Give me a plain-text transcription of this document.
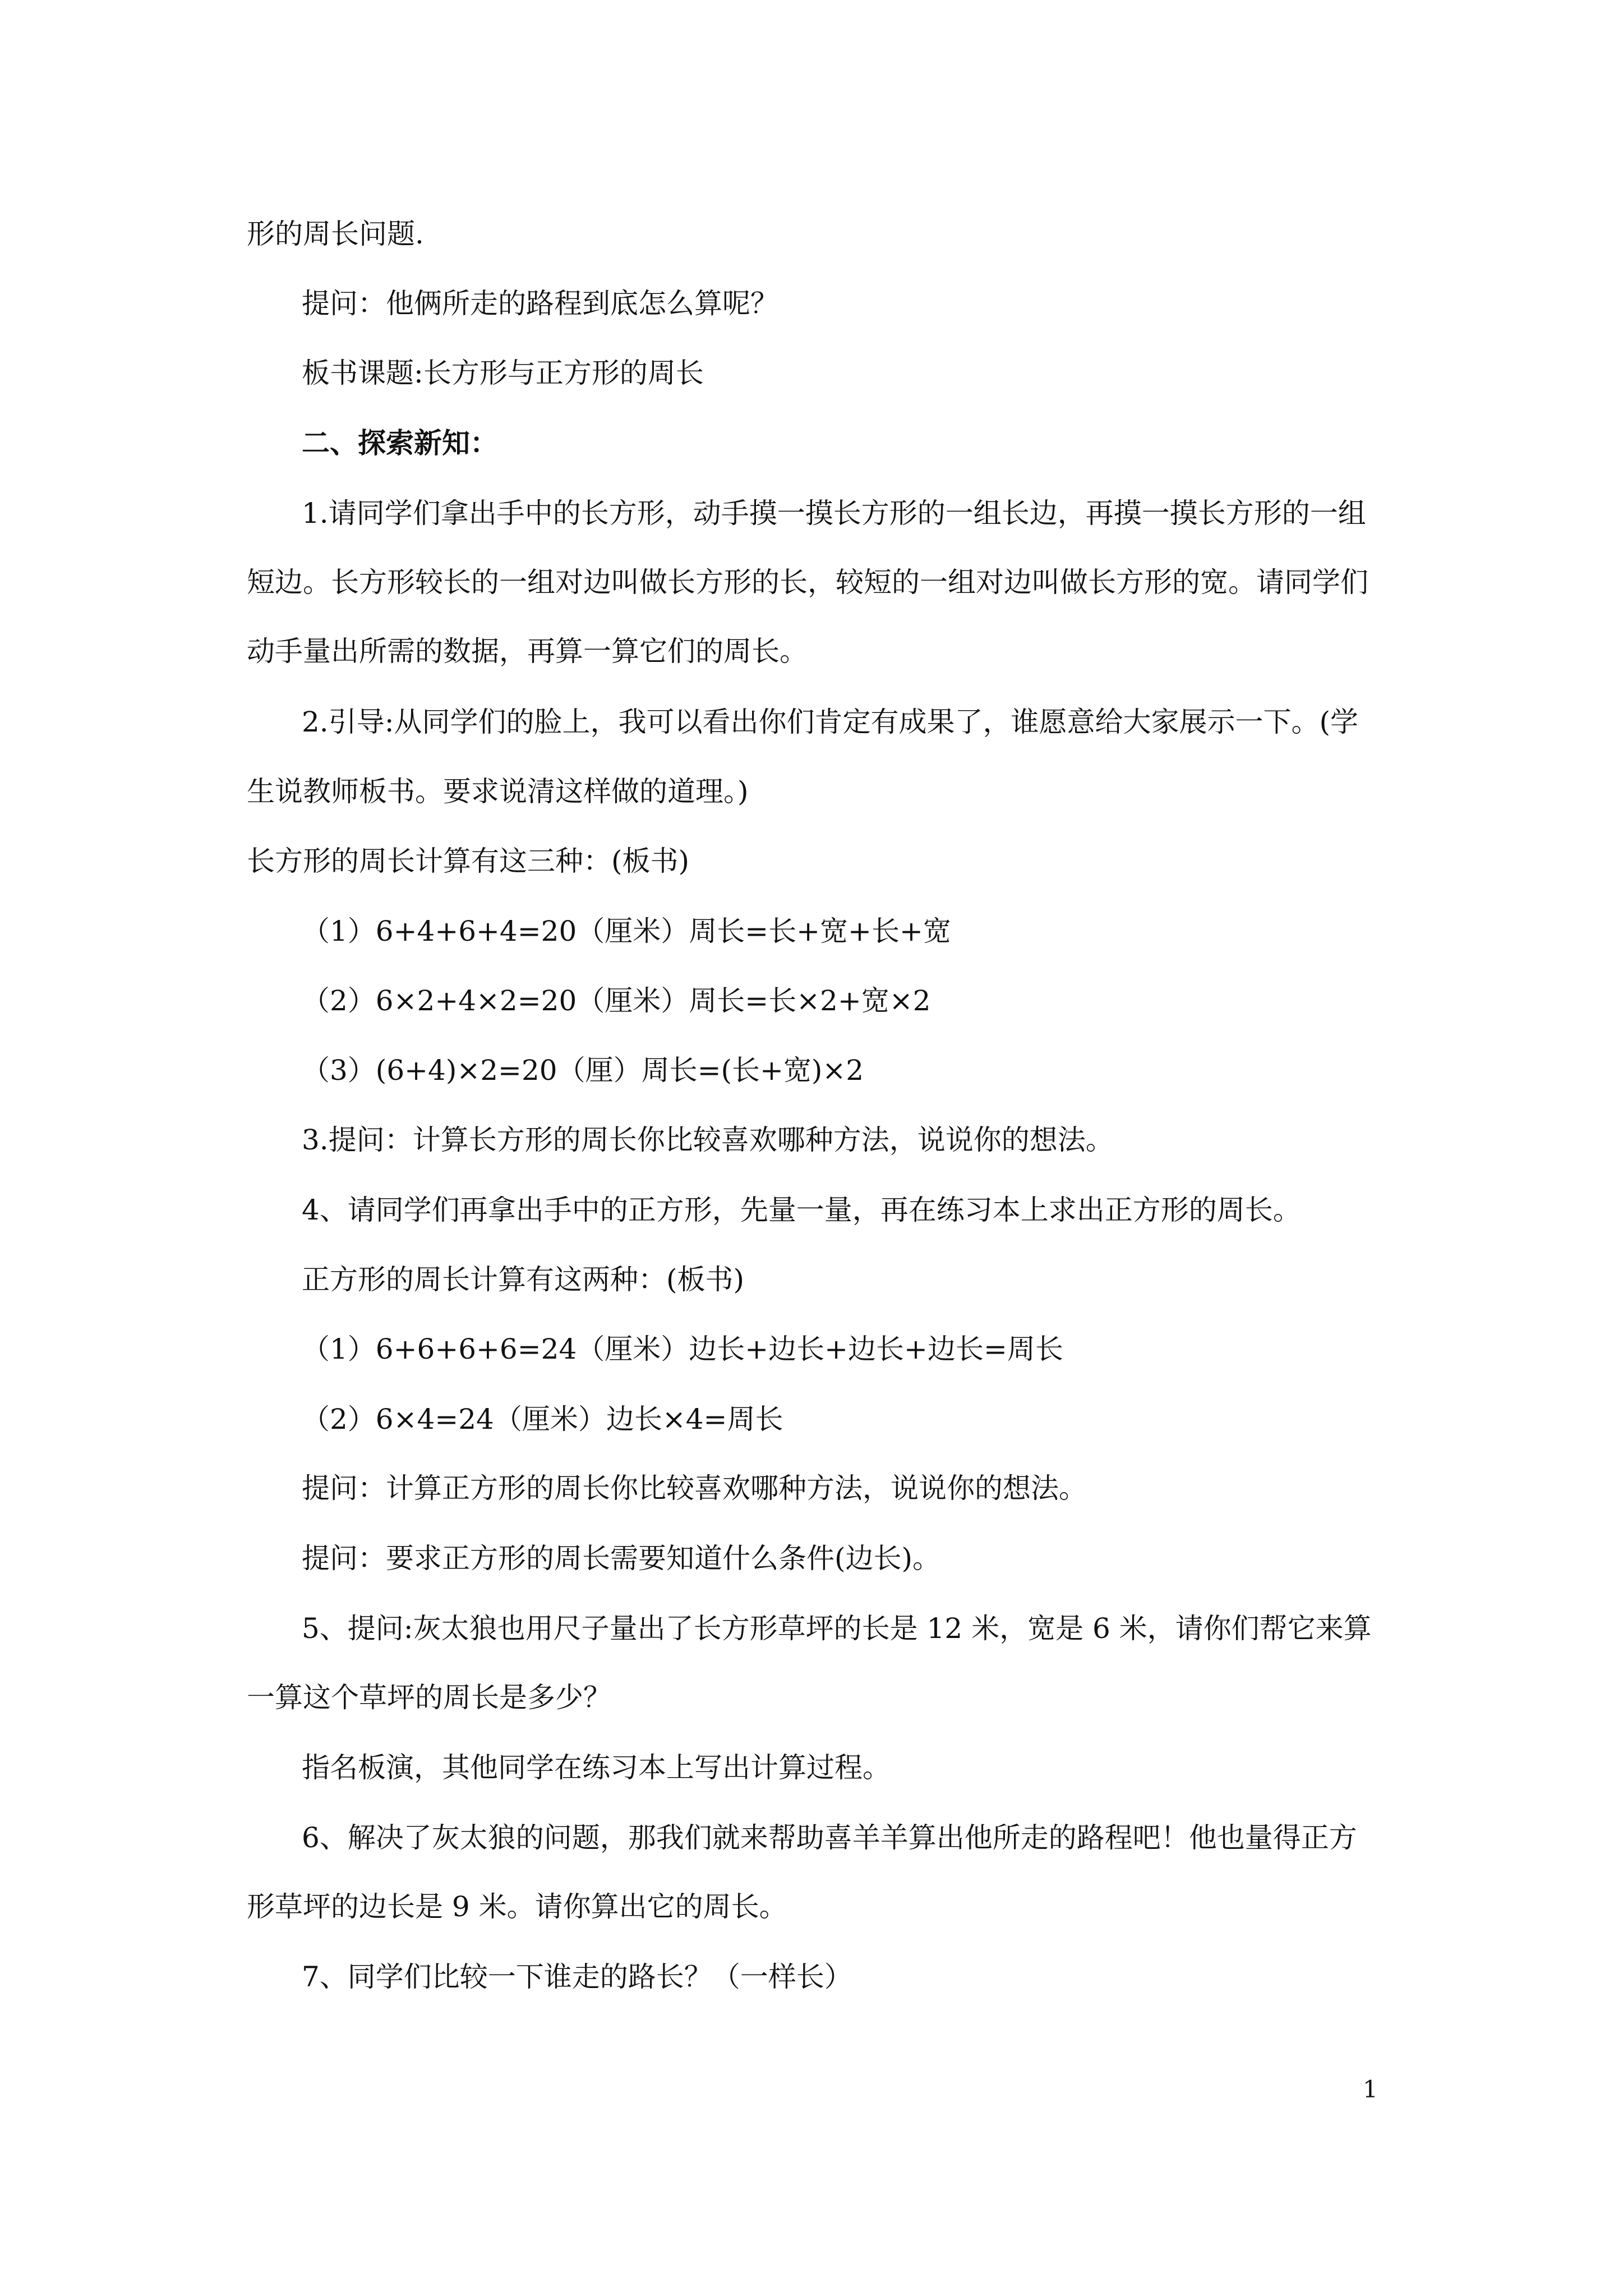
形的周长问题.

提问：他俩所走的路程到底怎么算呢？

板书课题:长方形与正方形的周长

二、探索新知：

1.请同学们拿出手中的长方形，动手摸一摸长方形的一组长边，再摸一摸长方形的一组

短边。长方形较长的一组对边叫做长方形的长，较短的一组对边叫做长方形的宽。请同学们

动手量出所需的数据，再算一算它们的周长。

2.引导:从同学们的脸上，我可以看出你们肯定有成果了，谁愿意给大家展示一下。(学

生说教师板书。要求说清这样做的道理。)

长方形的周长计算有这三种：(板书)

（1）6+4+6+4=20（厘米）周长=长+宽+长+宽

（2）6×2+4×2=20（厘米）周长=长×2+宽×2

（3）(6+4)×2=20（厘）周长=(长+宽)×2

3.提问：计算长方形的周长你比较喜欢哪种方法，说说你的想法。

4、请同学们再拿出手中的正方形，先量一量，再在练习本上求出正方形的周长。

正方形的周长计算有这两种：(板书)

（1）6+6+6+6=24（厘米）边长+边长+边长+边长=周长

（2）6×4=24（厘米）边长×4=周长

提问：计算正方形的周长你比较喜欢哪种方法，说说你的想法。

提问：要求正方形的周长需要知道什么条件(边长)。

5、提问:灰太狼也用尺子量出了长方形草坪的长是 12 米，宽是 6 米，请你们帮它来算

一算这个草坪的周长是多少？

指名板演，其他同学在练习本上写出计算过程。

6、解决了灰太狼的问题，那我们就来帮助喜羊羊算出他所走的路程吧！他也量得正方

形草坪的边长是 9 米。请你算出它的周长。

7、同学们比较一下谁走的路长？（一样长）

1
